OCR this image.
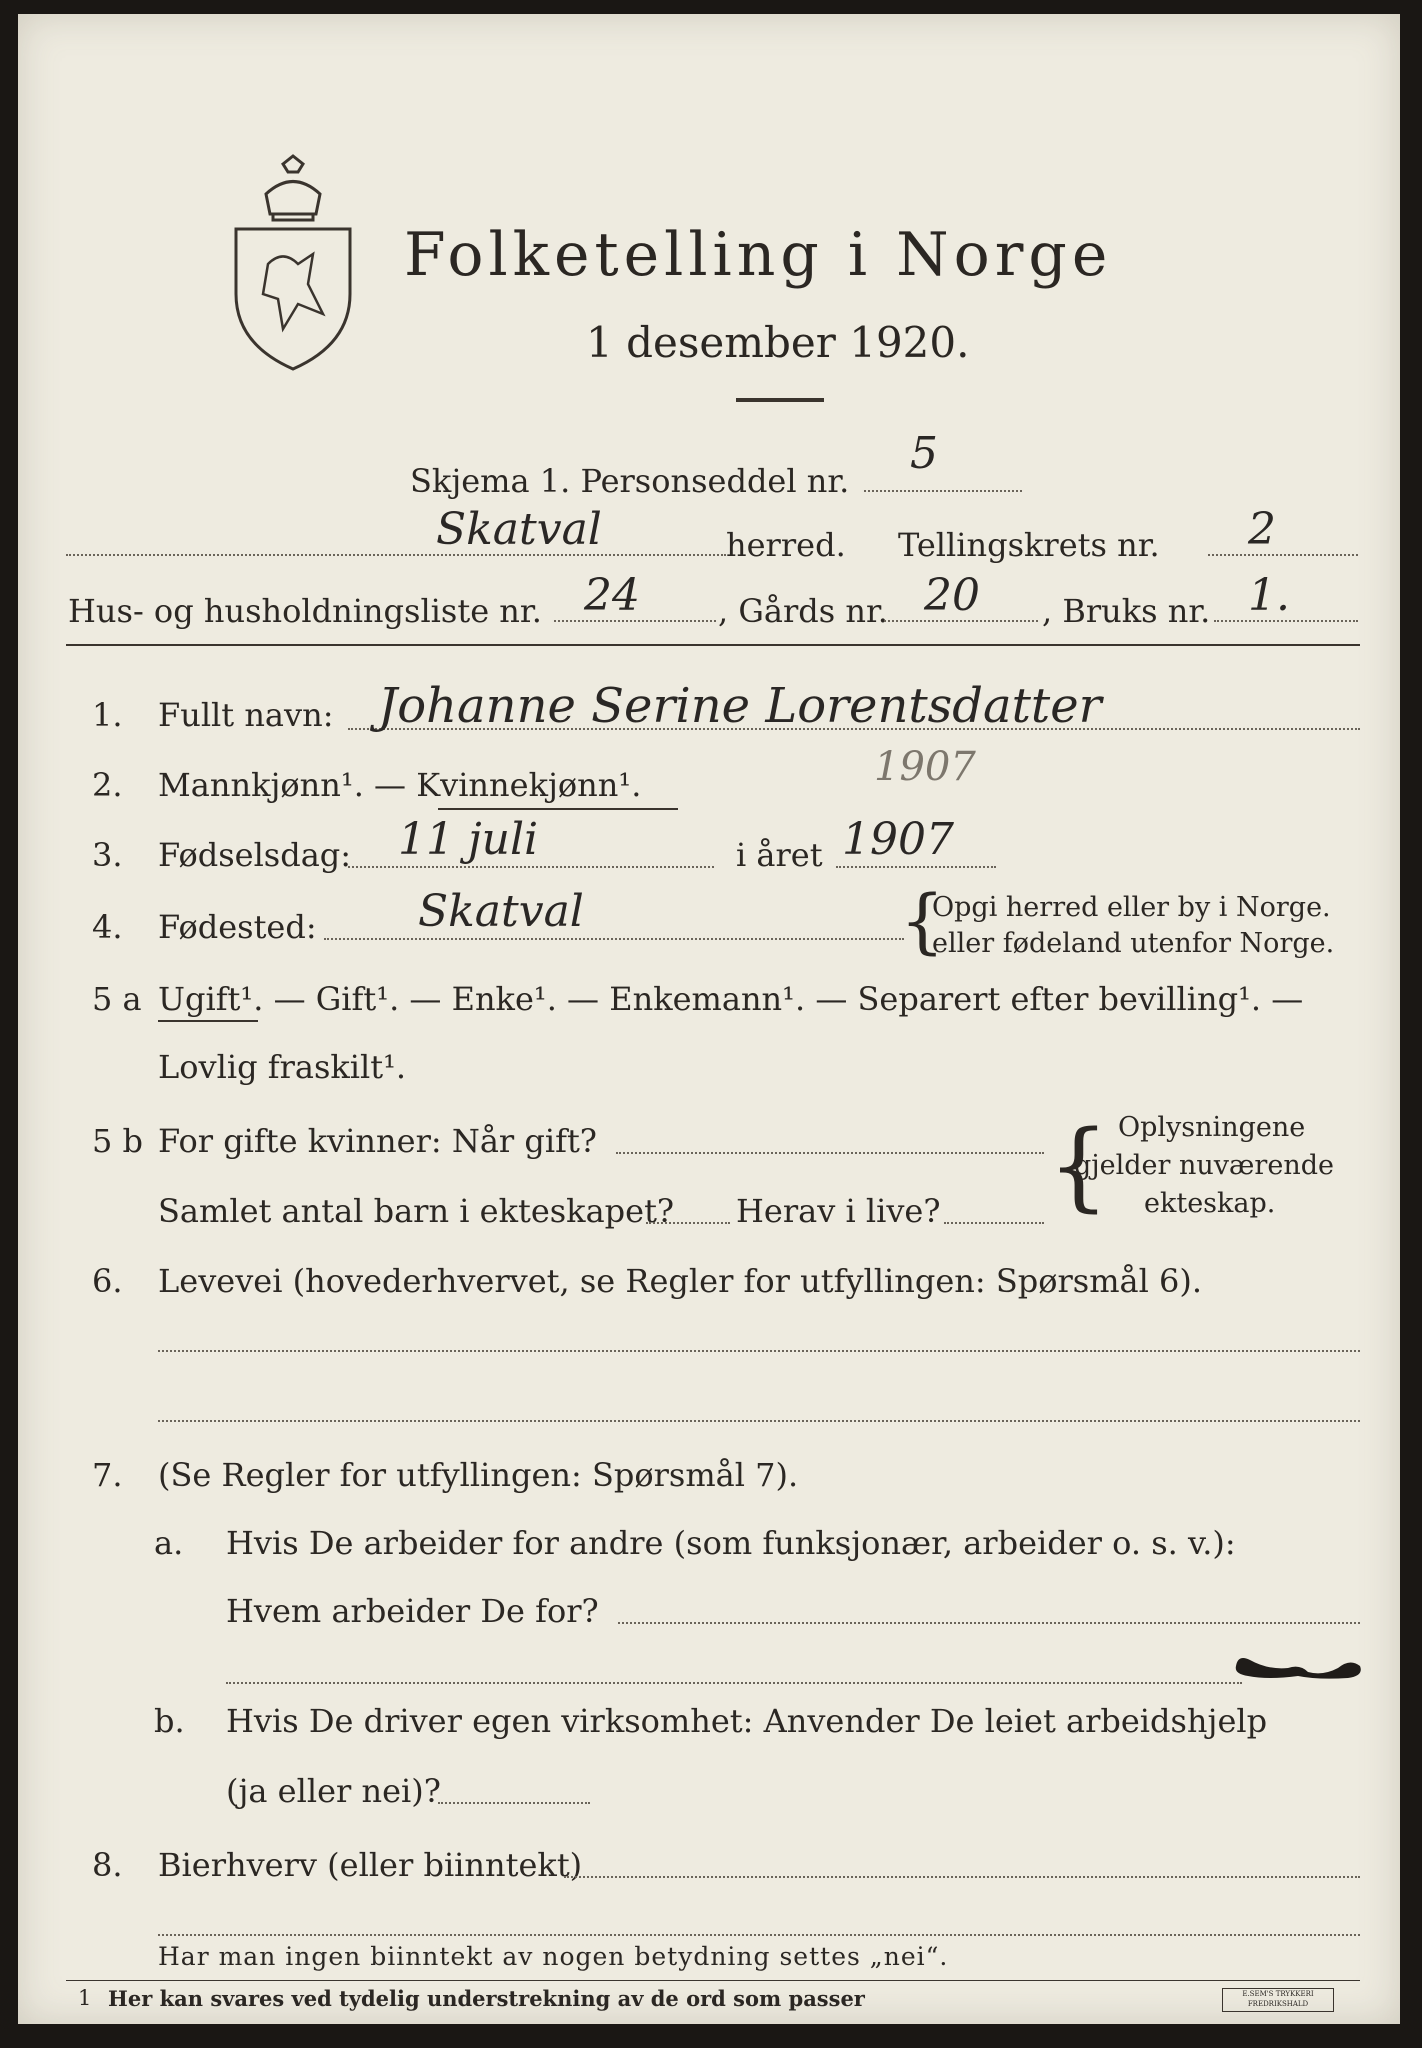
Folketelling i Norge
1 desember 1920.
Skjema 1. Personseddel nr.
5
Skatval	herred. Tellingskrets nr. 2
Hus- og husholdningsliste nr. 24 , Gårds nr. 20 , Bruks nr. 1.
1. Fullt navn: Johanne Serine Lorentsdatter
2. Mannkjønn¹. — Kvinnekjønn¹.	1907
3. Fødselsdag: 11 juli	i året 1907
4. Fødested: Skatval	{
Opgi herred eller by i Norge.
eller fødeland utenfor Norge.
5 a Ugift¹. — Gift¹. — Enke¹. — Enkemann¹. — Separert efter bevilling¹. —
Lovlig fraskilt¹.
5 b For gifte kvinner: Når gift?
Samlet antal barn i ekteskapet? Herav i live? { Oplysningene
gjelder nuværende
ekteskap.
6. Levevei (hovederhvervet, se Regler for utfyllingen: Spørsmål 6).
7. (Se Regler for utfyllingen: Spørsmål 7).
a. Hvis De arbeider for andre (som funksjonær, arbeider o. s. v.):
Hvem arbeider De for?
b. Hvis De driver egen virksomhet: Anvender De leiet arbeidshjelp
(ja eller nei)?
8. Bierhverv (eller biinntekt)
Har man ingen biinntekt av nogen betydning settes „nei“.
1 Her kan svares ved tydelig understrekning av de ord som passer	E.SEM'S TRYKKERI FREDRIKSHALD
